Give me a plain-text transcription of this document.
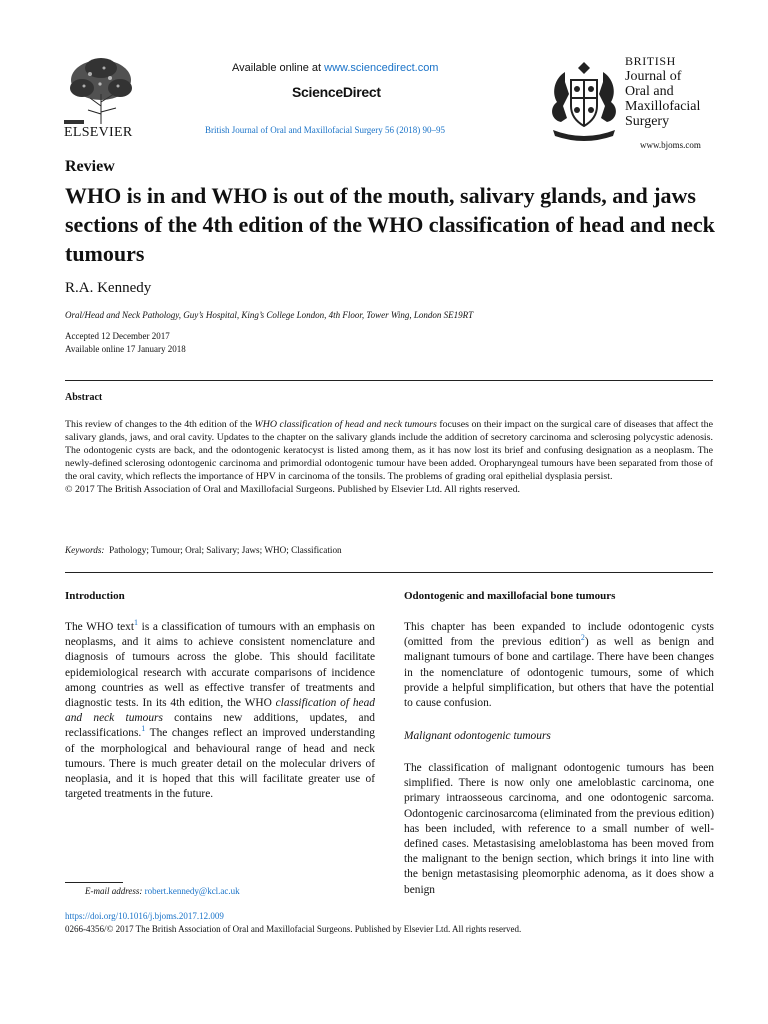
ELSEVIER
Available online at www.sciencedirect.com
ScienceDirect
British Journal of Oral and Maxillofacial Surgery 56 (2018) 90–95
BRITISH
Journal of
Oral and
Maxillofacial
Surgery
www.bjoms.com
Review
WHO is in and WHO is out of the mouth, salivary glands, and jaws sections of the 4th edition of the WHO classification of head and neck tumours
R.A. Kennedy
Oral/Head and Neck Pathology, Guy’s Hospital, King’s College London, 4th Floor, Tower Wing, London SE19RT
Accepted 12 December 2017
Available online 17 January 2018
Abstract
This review of changes to the 4th edition of the WHO classification of head and neck tumours focuses on their impact on the surgical care of diseases that affect the salivary glands, jaws, and oral cavity. Updates to the chapter on the salivary glands include the addition of secretory carcinoma and sclerosing polycystic adenosis. The odontogenic cysts are back, and the odontogenic keratocyst is listed among them, as it has now lost its brief and confusing designation as a neoplasm. The newly-defined sclerosing odontogenic carcinoma and primordial odontogenic tumour have been added. Oropharyngeal tumours have been separated from those of the oral cavity, which reflects the importance of HPV in carcinoma of the tonsils. The problems of grading oral epithelial dysplasia persist.
© 2017 The British Association of Oral and Maxillofacial Surgeons. Published by Elsevier Ltd. All rights reserved.
Keywords: Pathology; Tumour; Oral; Salivary; Jaws; WHO; Classification
Introduction

The WHO text$^1$ is a classification of tumours with an emphasis on neoplasms, and it aims to achieve consistent nomenclature and diagnosis of tumours across the globe. This should facilitate epidemiological research with accurate comparisons of incidence among countries as well as effective transfer of treatments and diagnostic tests. In its 4th edition, the WHO classification of head and neck tumours contains new additions, updates, and reclassifications.$^1$ The changes reflect an improved understanding of the morphological and behavioural range of head and neck tumours. There is much greater detail on the molecular drivers of neoplasia, and it is hoped that this will facilitate greater use of targeted treatments in the future.

Odontogenic and maxillofacial bone tumours

This chapter has been expanded to include odontogenic cysts (omitted from the previous edition$^2$) as well as benign and malignant tumours of bone and cartilage. There have been changes in the nomenclature of odontogenic tumours, some of which provide a helpful simplification, but others that have the potential to cause confusion.

Malignant odontogenic tumours
The classification of malignant odontogenic tumours has been simplified. There is now only one ameloblastic carcinoma, one primary intraosseous carcinoma, and one odontogenic sarcoma. Odontogenic carcinosarcoma (eliminated from the previous edition) has been included, with reference to a small number of well-defined cases. Metastasising ameloblastoma has been moved from the malignant to the benign section, which brings it into line with the benign metastasising pleomorphic adenoma, as it does show a benign
E-mail address: robert.kennedy@kcl.ac.uk
https://doi.org/10.1016/j.bjoms.2017.12.009
0266-4356/© 2017 The British Association of Oral and Maxillofacial Surgeons. Published by Elsevier Ltd. All rights reserved.
